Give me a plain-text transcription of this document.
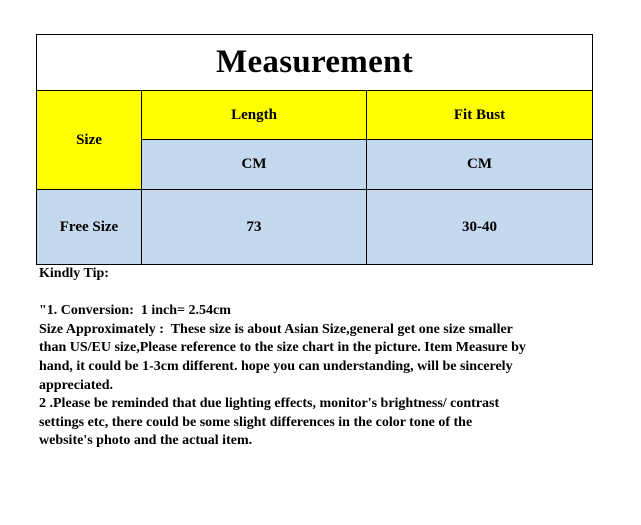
Measurement		
Size	Length	Fit Bust
	CM	CM
Free Size	73	30-40

Kindly Tip:

"1. Conversion:  1 inch= 2.54cm

Size Approximately :  These size is about Asian Size,general get one size smaller

than US/EU size,Please reference to the size chart in the picture. Item Measure by

hand, it could be 1-3cm different. hope you can understanding, will be sincerely

appreciated.

2 .Please be reminded that due lighting effects, monitor's brightness/ contrast

settings etc, there could be some slight differences in the color tone of the

website's photo and the actual item.
